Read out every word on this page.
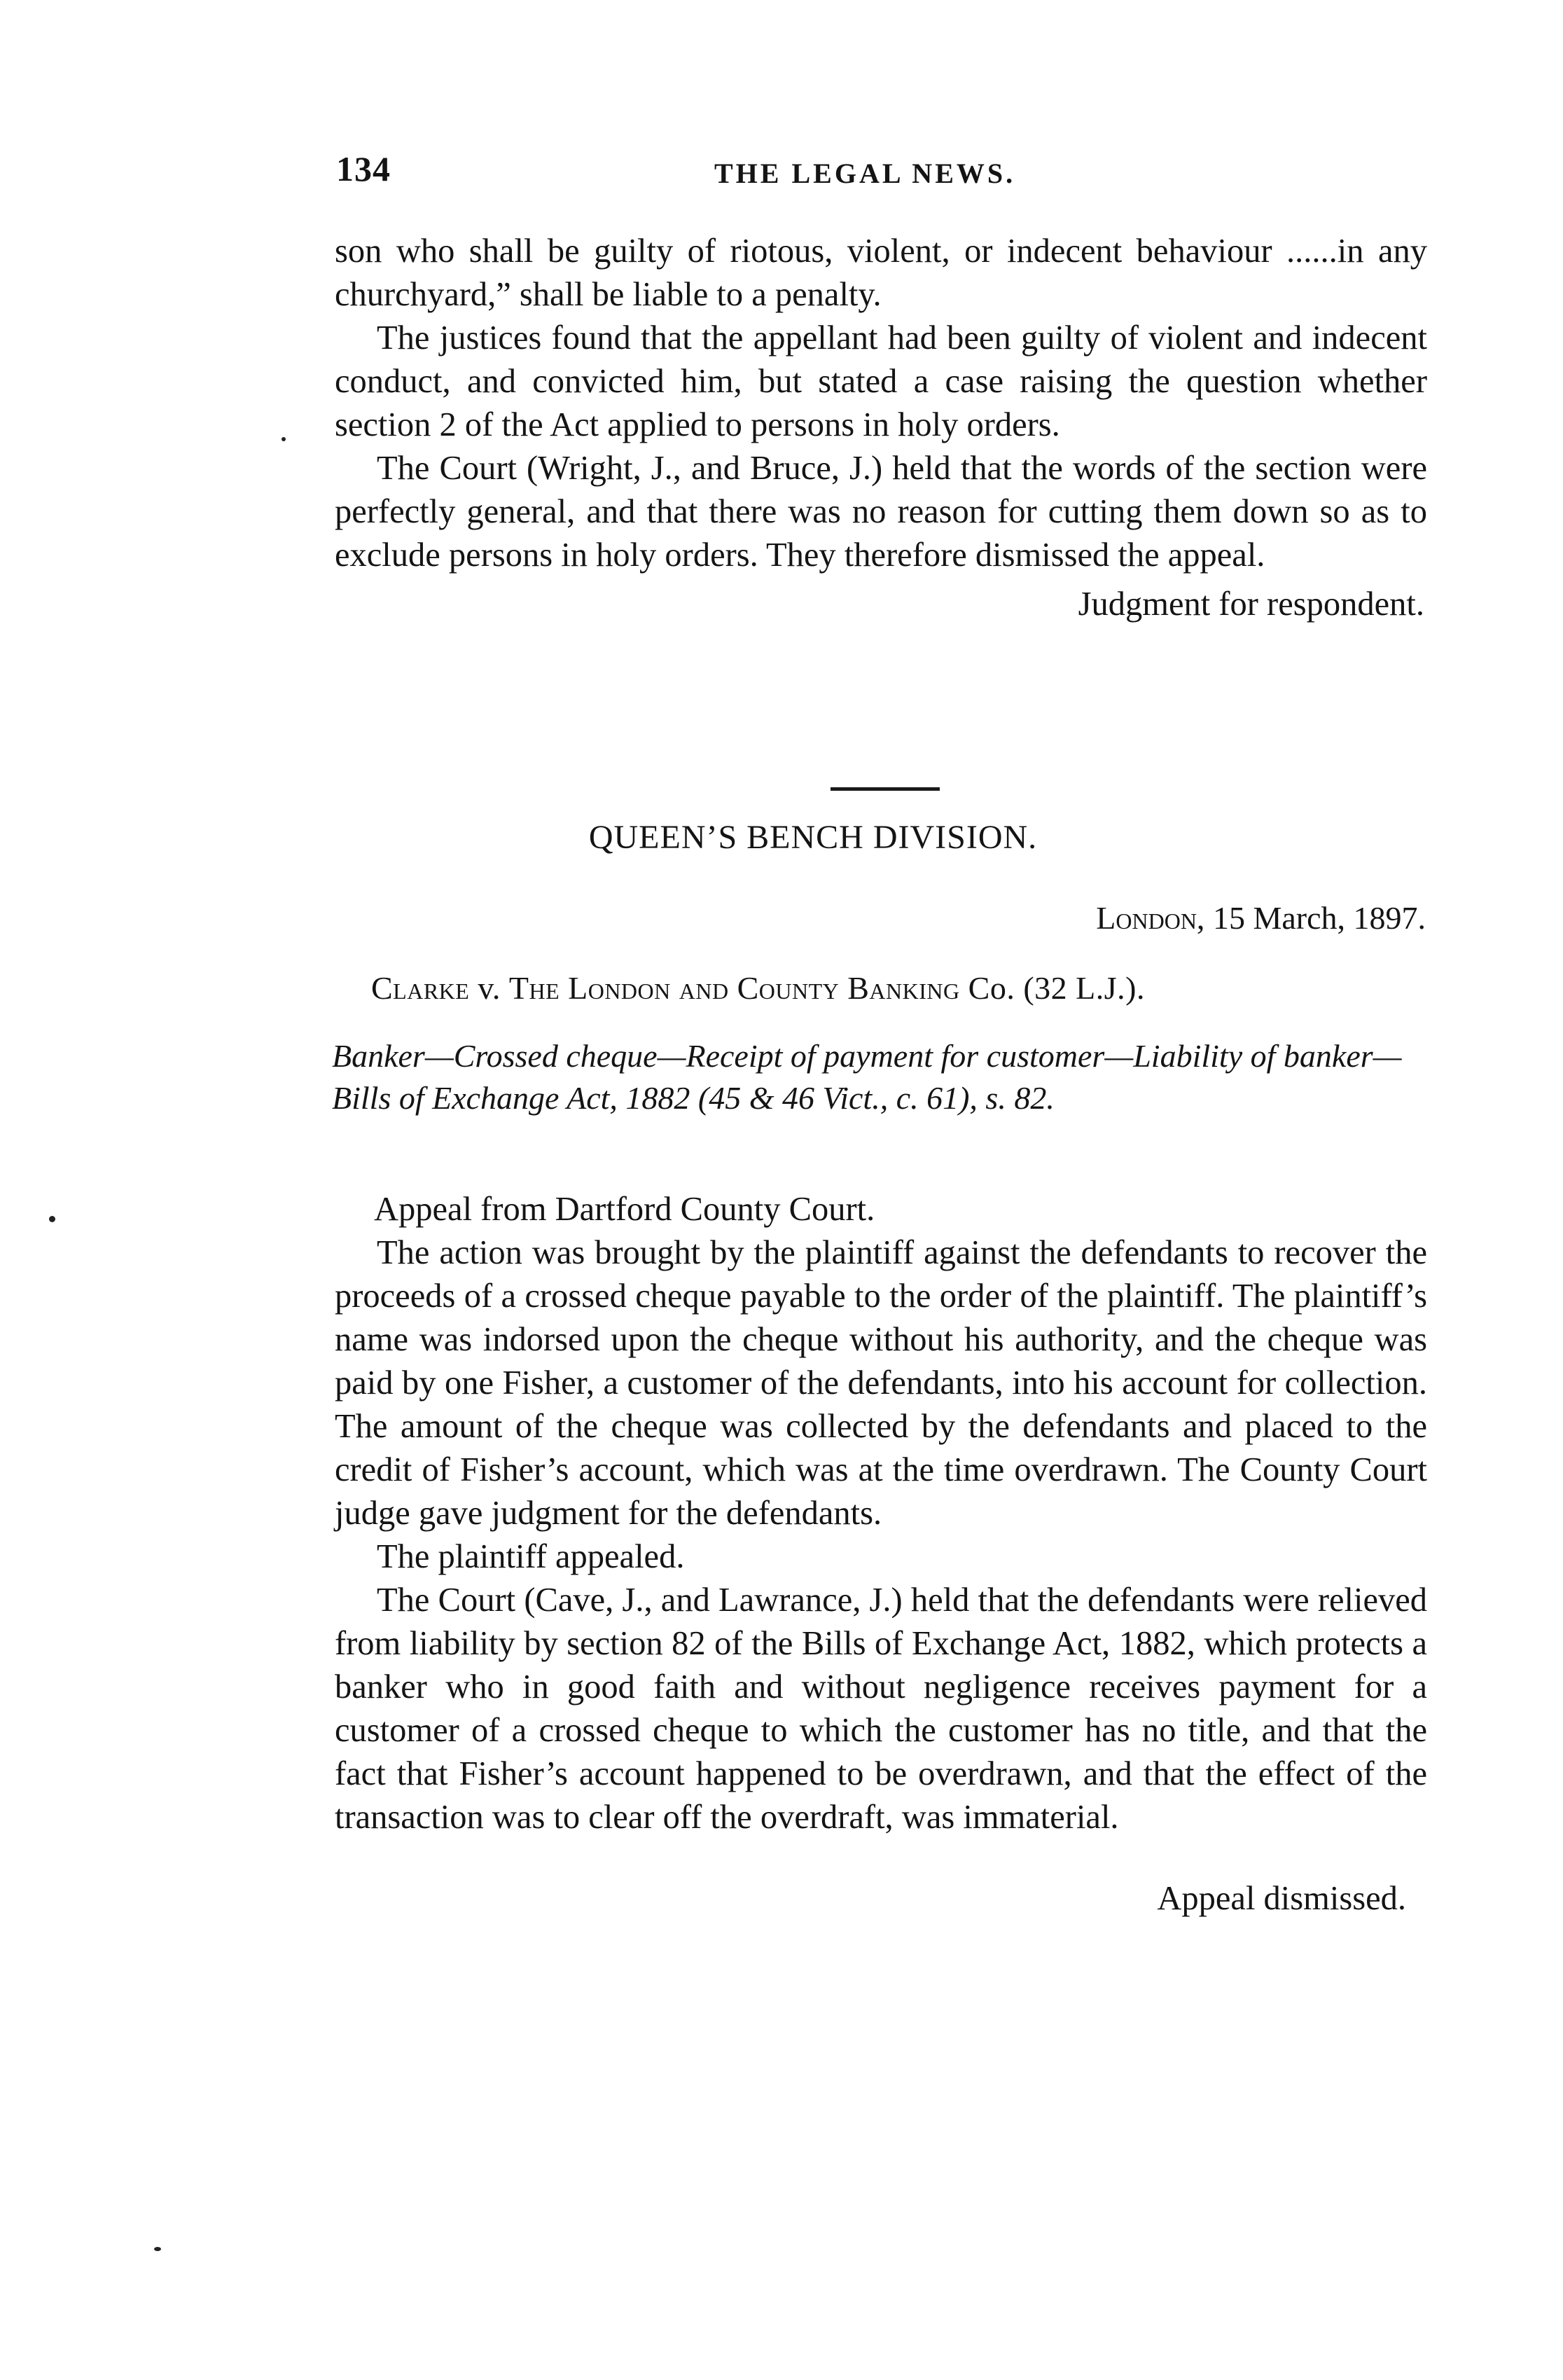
134	THE LEGAL NEWS.

son who shall be guilty of riotous, violent, or indecent behaviour ......in any churchyard,” shall be liable to a penalty.

The justices found that the appellant had been guilty of violent and indecent conduct, and convicted him, but stated a case raising the question whether section 2 of the Act applied to persons in holy orders.

The Court (Wright, J., and Bruce, J.) held that the words of the section were perfectly general, and that there was no reason for cutting them down so as to exclude persons in holy orders. They therefore dismissed the appeal.

Judgment for respondent.

QUEEN’S BENCH DIVISION.
London, 15 March, 1897.
Clarke v. The London and County Banking Co. (32 L.J.).
Banker—Crossed cheque—Receipt of payment for customer—Liability of banker—Bills of Exchange Act, 1882 (45 & 46 Vict., c. 61), s. 82.

Appeal from Dartford County Court.

The action was brought by the plaintiff against the defendants to recover the proceeds of a crossed cheque payable to the order of the plaintiff. The plaintiff’s name was indorsed upon the cheque without his authority, and the cheque was paid by one Fisher, a customer of the defendants, into his account for collection. The amount of the cheque was collected by the defendants and placed to the credit of Fisher’s account, which was at the time overdrawn. The County Court judge gave judgment for the defendants.

The plaintiff appealed.

The Court (Cave, J., and Lawrance, J.) held that the defendants were relieved from liability by section 82 of the Bills of Exchange Act, 1882, which protects a banker who in good faith and without negligence receives payment for a customer of a crossed cheque to which the customer has no title, and that the fact that Fisher’s account happened to be overdrawn, and that the effect of the transaction was to clear off the overdraft, was immaterial.

Appeal dismissed.
